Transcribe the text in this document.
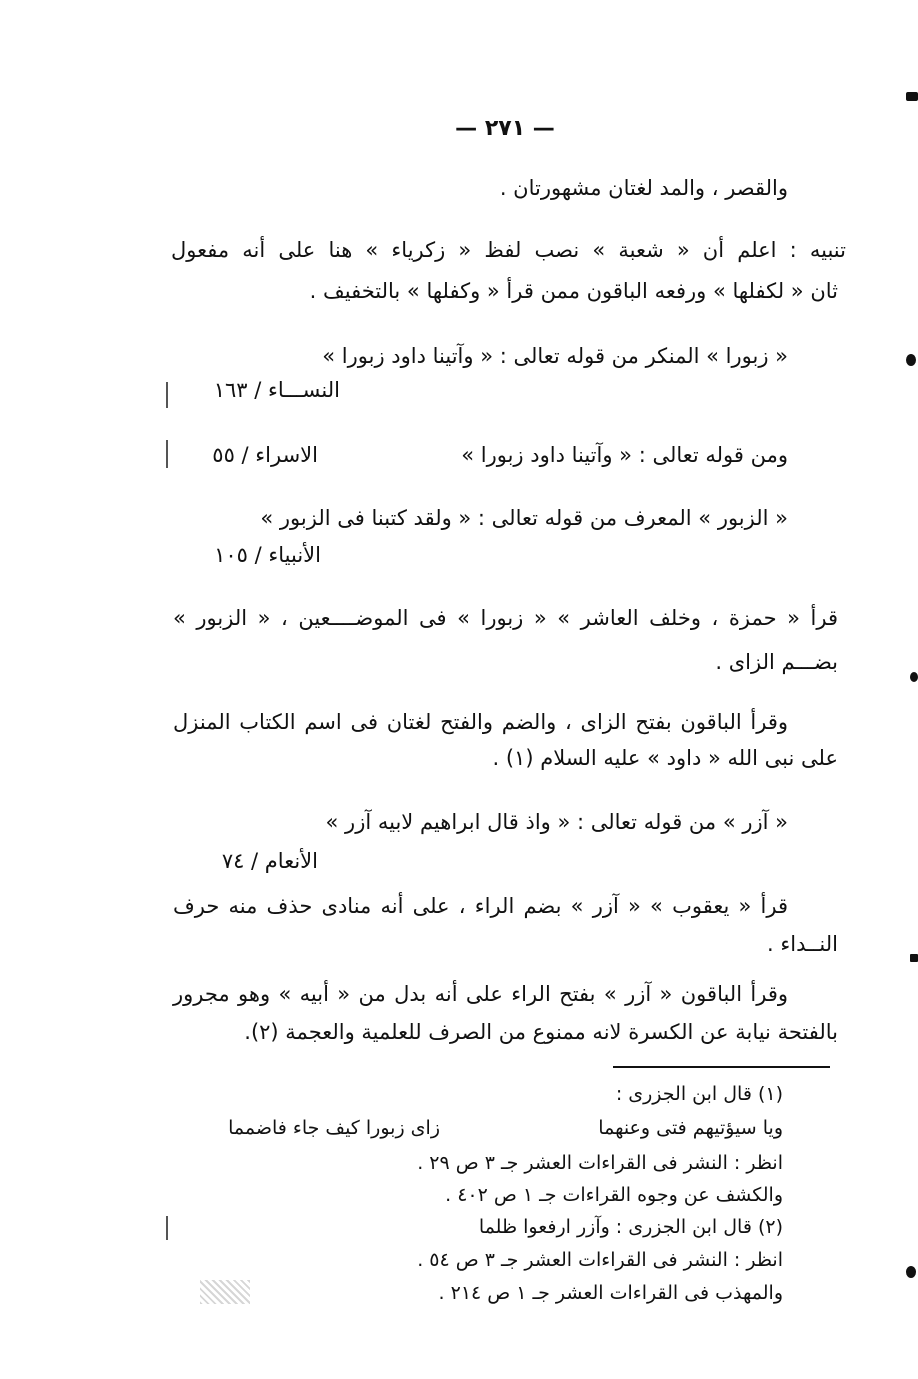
— ٢٧١ —
والقصر ، والمد لغتان مشهورتان .
تنبيه : اعلم أن « شعبة » نصب لفظ « زكرياء » هنا على أنه مفعول
ثان « لكفلها » ورفعه الباقون ممن قرأ « وكفلها » بالتخفيف .
« زبورا » المنكر من قوله تعالى : « وآتينا داود زبورا »
النســـاء / ١٦٣
ومن قوله تعالى : « وآتينا داود زبورا »
الاسراء / ٥٥
« الزبور » المعرف من قوله تعالى : « ولقد كتبنا فى الزبور »
الأنبياء / ١٠٥
قرأ « حمزة ، وخلف العاشر » « زبورا » فى الموضــــعين ، « الزبور »
بضـــم الزاى .
وقرأ الباقون بفتح الزاى ، والضم والفتح لغتان فى اسم الكتاب المنزل
على نبى الله « داود » عليه السلام (١) .
« آزر » من قوله تعالى : « واذ قال ابراهيم لابيه آزر »
الأنعام / ٧٤
قرأ « يعقوب » « آزر » بضم الراء ، على أنه منادى حذف منه حرف
النــداء .
وقرأ الباقون « آزر » بفتح الراء على أنه بدل من « أبيه » وهو مجرور
بالفتحة نيابة عن الكسرة لانه ممنوع من الصرف للعلمية والعجمة (٢).
(١) قال ابن الجزرى :
ويا سيؤتيهم فتى وعنهما
زاى زبورا كيف جاء فاضمما
انظر : النشر فى القراءات العشر جـ ٣ ص ٢٩ .
والكشف عن وجوه القراءات جـ ١ ص ٤٠٢ .
(٢) قال ابن الجزرى : وآزر ارفعوا ظلما
انظر : النشر فى القراءات العشر جـ ٣ ص ٥٤ .
والمهذب فى القراءات العشر جـ ١ ص ٢١٤ .
